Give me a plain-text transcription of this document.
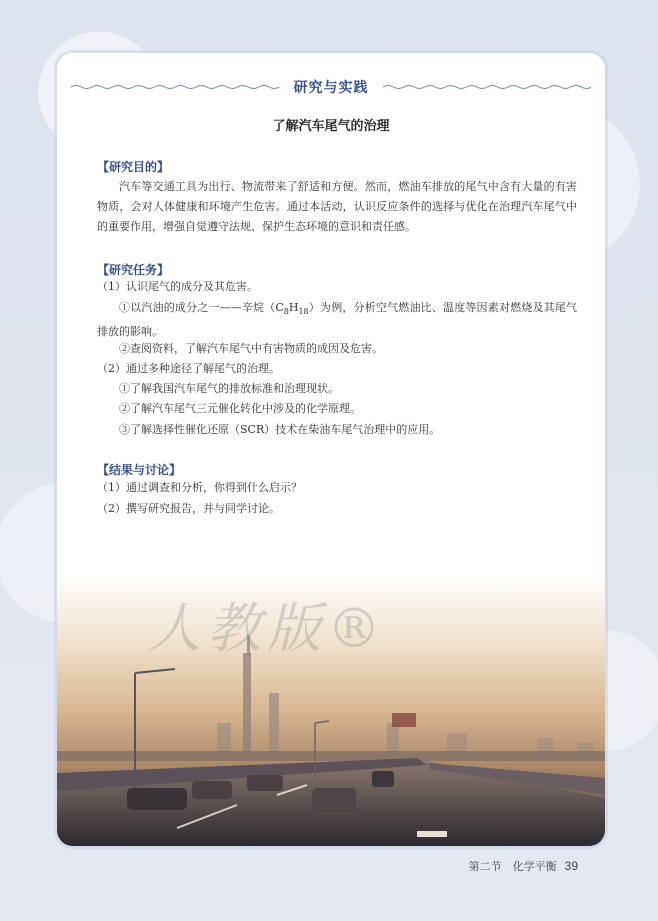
研究与实践
了解汽车尾气的治理
【研究目的】
汽车等交通工具为出行、物流带来了舒适和方便。然而，燃油车排放的尾气中含有大量的有害物质，会对人体健康和环境产生危害。通过本活动，认识反应条件的选择与优化在治理汽车尾气中的重要作用，增强自觉遵守法规、保护生态环境的意识和责任感。
【研究任务】
（1）认识尾气的成分及其危害。
①以汽油的成分之一——辛烷$(C_8H_{18})$为例，分析空气燃油比、温度等因素对燃烧及其尾气排放的影响。
②查阅资料，了解汽车尾气中有害物质的成因及危害。
（2）通过多种途径了解尾气的治理。
①了解我国汽车尾气的排放标准和治理现状。
②了解汽车尾气三元催化转化中涉及的化学原理。
③了解选择性催化还原（SCR）技术在柴油车尾气治理中的应用。
【结果与讨论】
（1）通过调查和分析，你得到什么启示？
（2）撰写研究报告，并与同学讨论。
人教版®
第二节　化学平衡 39
